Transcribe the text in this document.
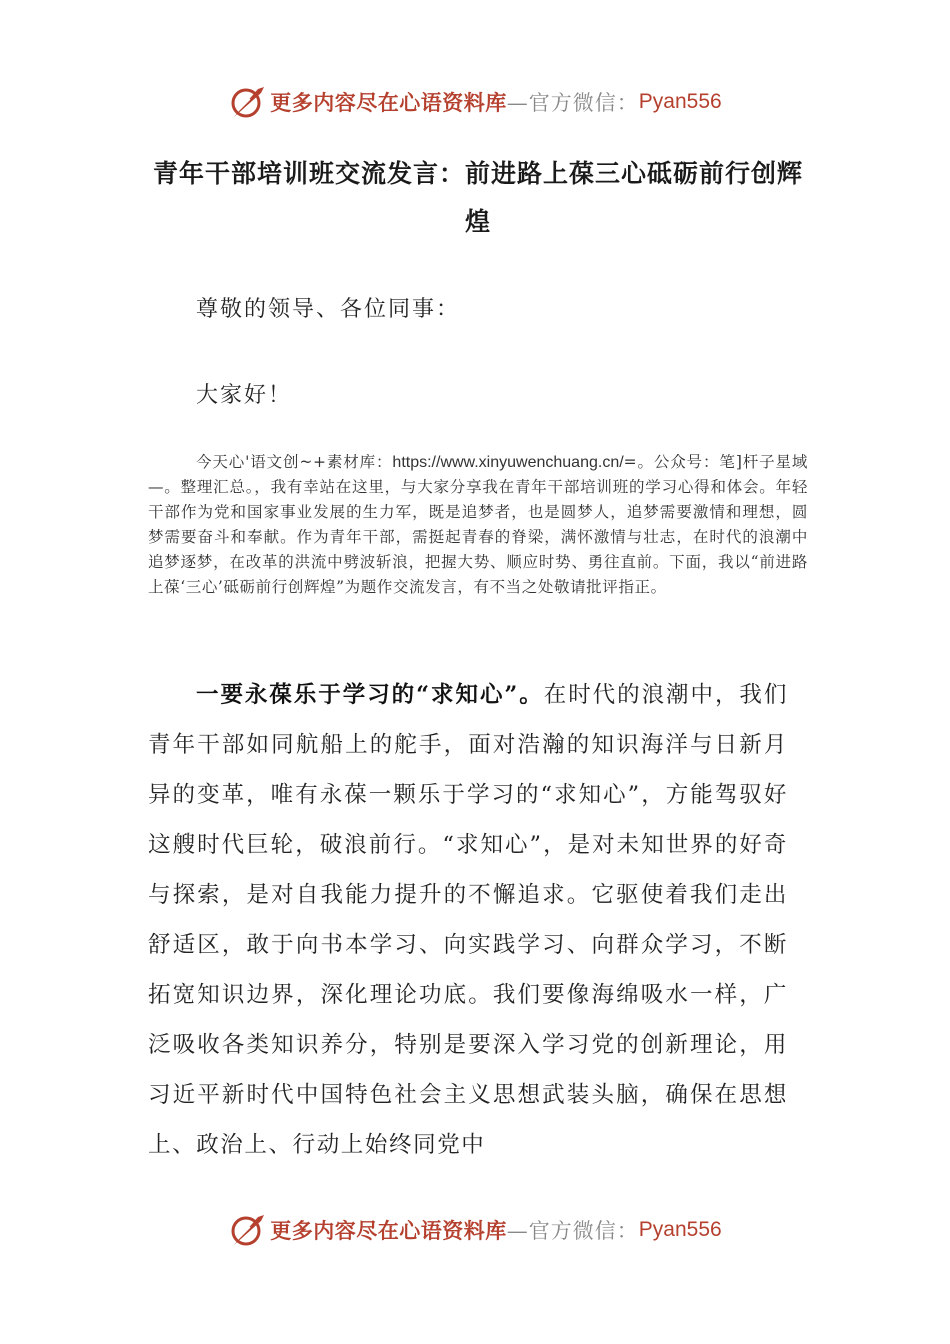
更多内容尽在心语资料库 —官方微信： Pyan556
青年干部培训班交流发言：前进路上葆三心砥砺前行创辉煌
尊敬的领导、各位同事：
大家好！
今天心'语文创~+素材库：https://www.xinyuwenchuang.cn/=。公众号：笔]杆子星域—。整理汇总。，我有幸站在这里，与大家分享我在青年干部培训班的学习心得和体会。年轻干部作为党和国家事业发展的生力军，既是追梦者，也是圆梦人，追梦需要激情和理想，圆梦需要奋斗和奉献。作为青年干部，需挺起青春的脊梁，满怀激情与壮志，在时代的浪潮中追梦逐梦，在改革的洪流中劈波斩浪，把握大势、顺应时势、勇往直前。下面，我以“前进路上葆‘三心’砥砺前行创辉煌”为题作交流发言，有不当之处敬请批评指正。
一要永葆乐于学习的“求知心”。在时代的浪潮中，我们青年干部如同航船上的舵手，面对浩瀚的知识海洋与日新月异的变革，唯有永葆一颗乐于学习的“求知心”，方能驾驭好这艘时代巨轮，破浪前行。“求知心”，是对未知世界的好奇与探索，是对自我能力提升的不懈追求。它驱使着我们走出舒适区，敢于向书本学习、向实践学习、向群众学习，不断拓宽知识边界，深化理论功底。我们要像海绵吸水一样，广泛吸收各类知识养分，特别是要深入学习党的创新理论，用习近平新时代中国特色社会主义思想武装头脑，确保在思想上、政治上、行动上始终同党中
更多内容尽在心语资料库 —官方微信： Pyan556
